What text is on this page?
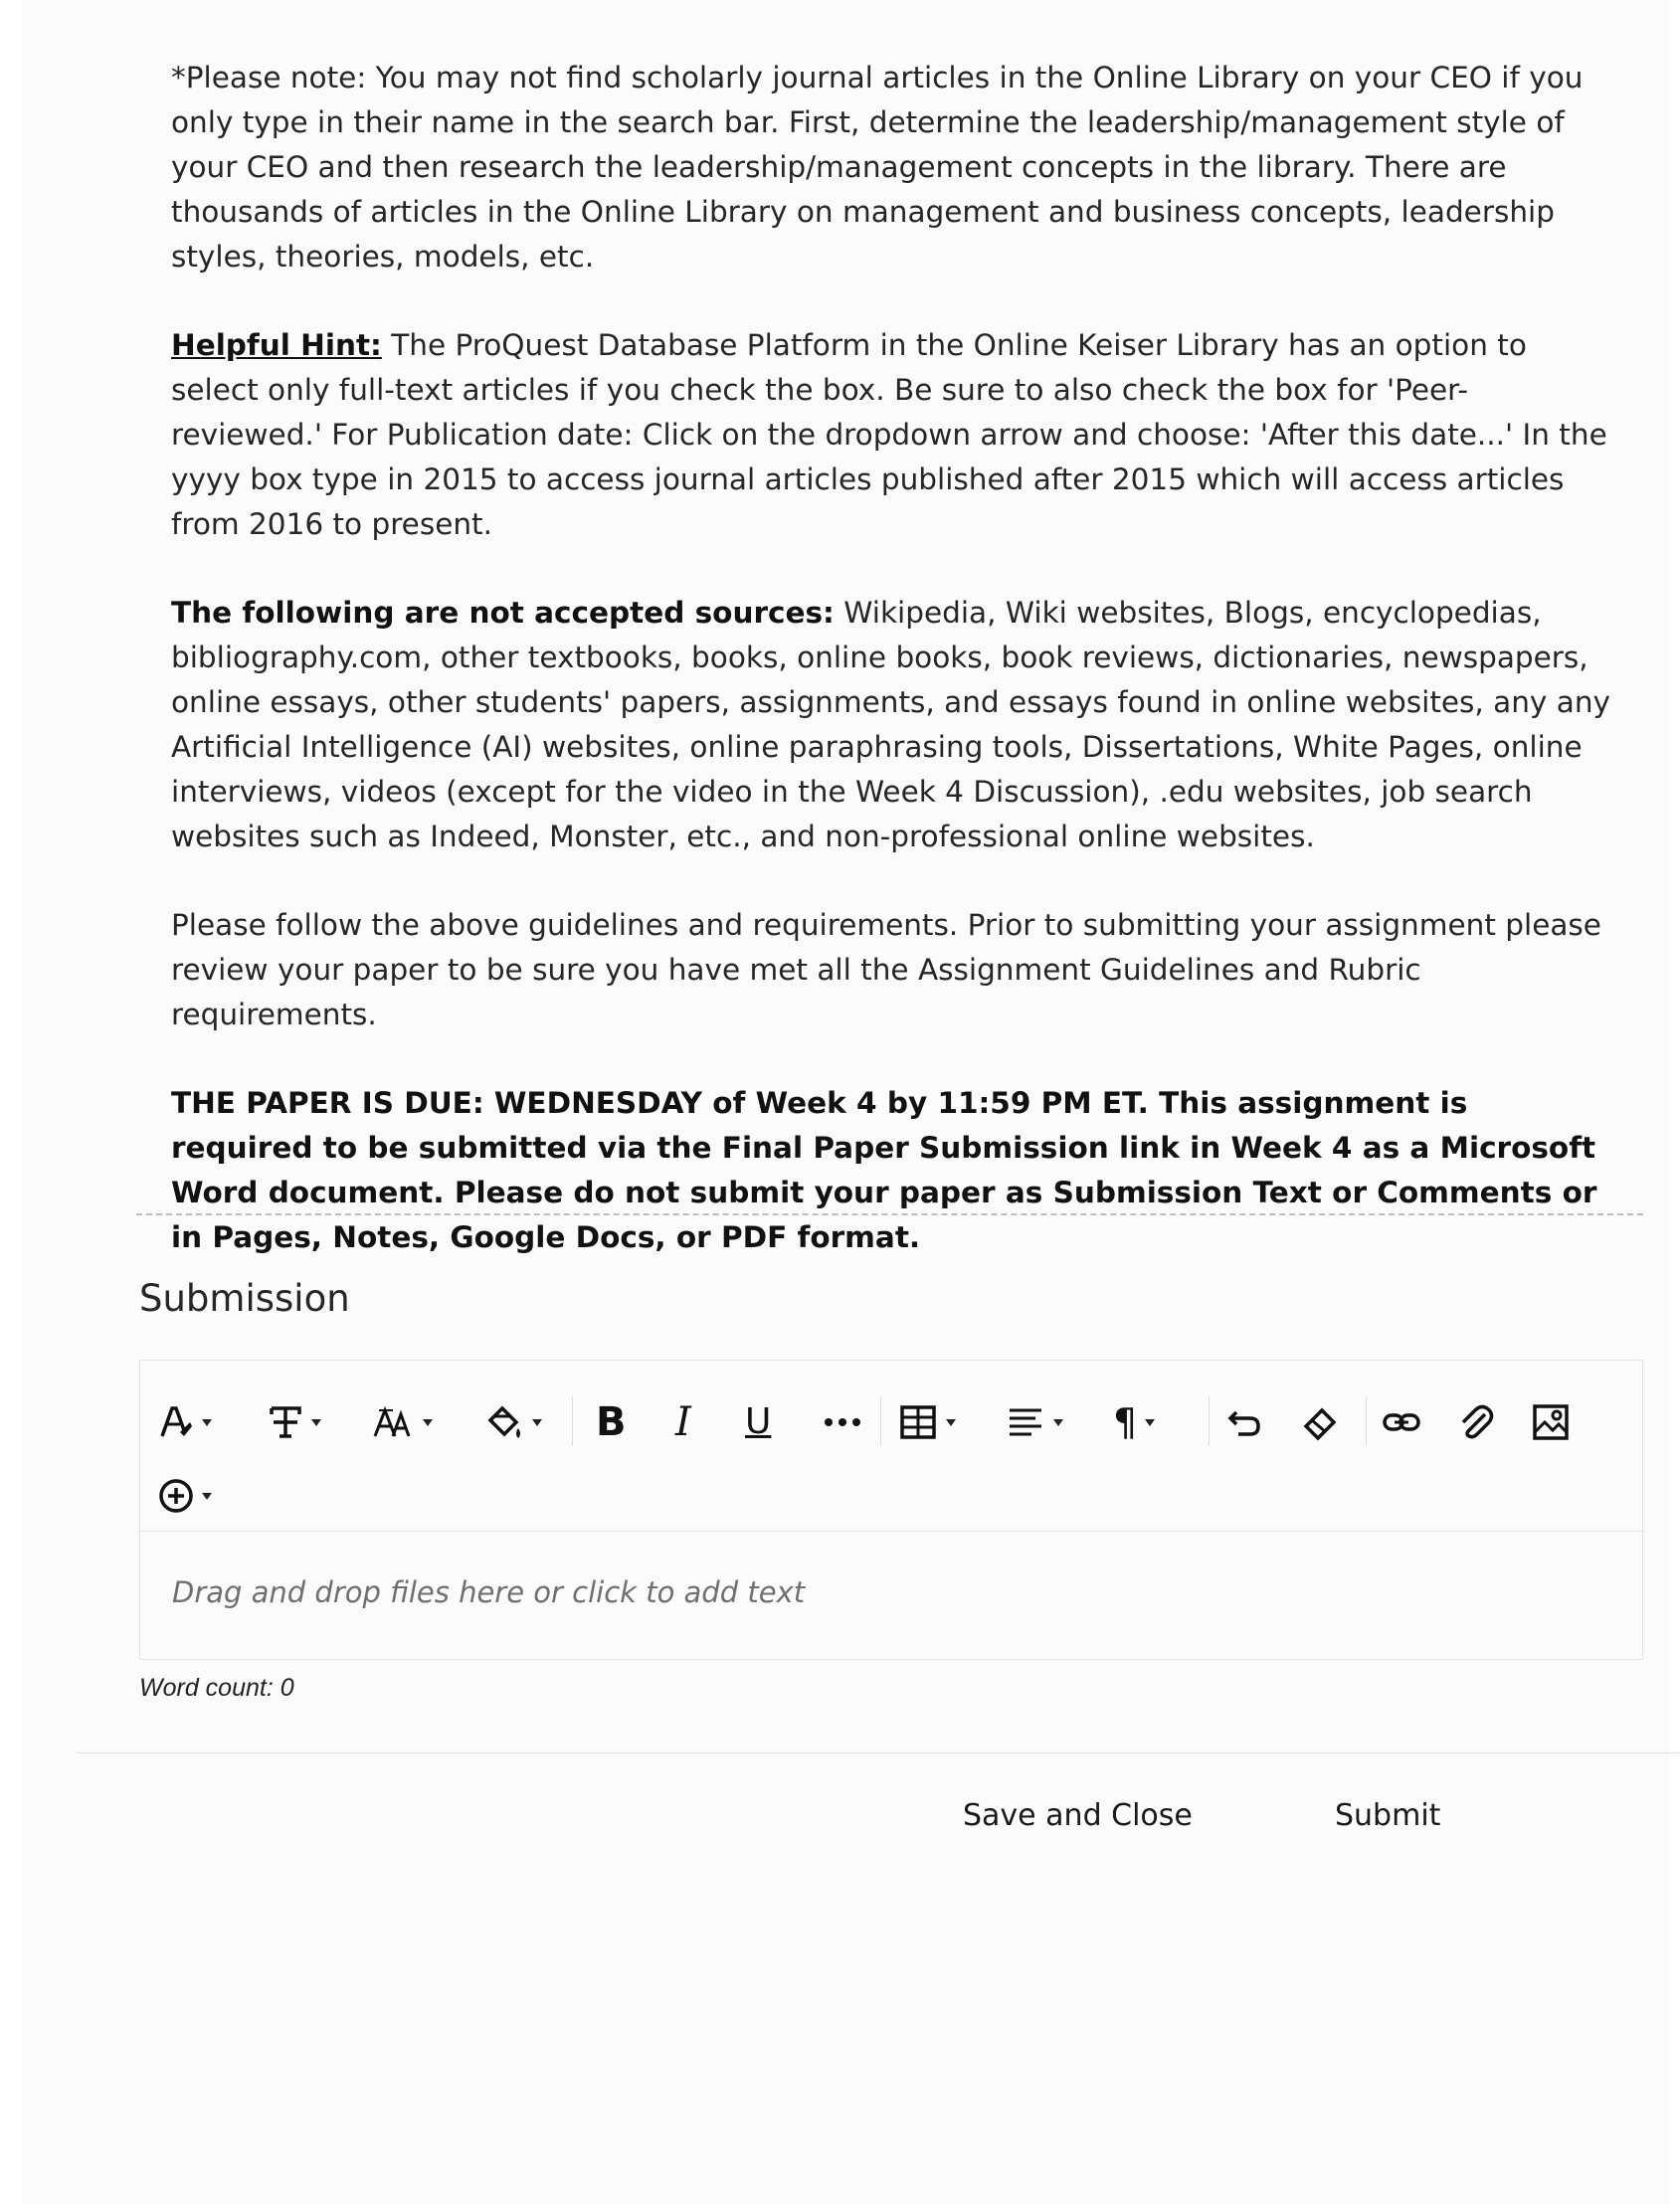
*Please note: You may not find scholarly journal articles in the Online Library on your CEO if you only type in their name in the search bar. First, determine the leadership/management style of your CEO and then research the leadership/management concepts in the library. There are thousands of articles in the Online Library on management and business concepts, leadership styles, theories, models, etc.

Helpful Hint: The ProQuest Database Platform in the Online Keiser Library has an option to select only full-text articles if you check the box. Be sure to also check the box for 'Peer-reviewed.' For Publication date: Click on the dropdown arrow and choose: 'After this date...' In the yyyy box type in 2015 to access journal articles published after 2015 which will access articles from 2016 to present.

The following are not accepted sources: Wikipedia, Wiki websites, Blogs, encyclopedias, bibliography.com, other textbooks, books, online books, book reviews, dictionaries, newspapers, online essays, other students' papers, assignments, and essays found in online websites, any any Artificial Intelligence (AI) websites, online paraphrasing tools, Dissertations, White Pages, online interviews, videos (except for the video in the Week 4 Discussion), .edu websites, job search websites such as Indeed, Monster, etc., and non-professional online websites.

Please follow the above guidelines and requirements. Prior to submitting your assignment please review your paper to be sure you have met all the Assignment Guidelines and Rubric requirements.

THE PAPER IS DUE: WEDNESDAY of Week 4 by 11:59 PM ET. This assignment is required to be submitted via the Final Paper Submission link in Week 4 as a Microsoft Word document. Please do not submit your paper as Submission Text or Comments or in Pages, Notes, Google Docs, or PDF format.

Submission
B I U	¶
Drag and drop files here or click to add text
Word count: 0
Save and Close	Submit
